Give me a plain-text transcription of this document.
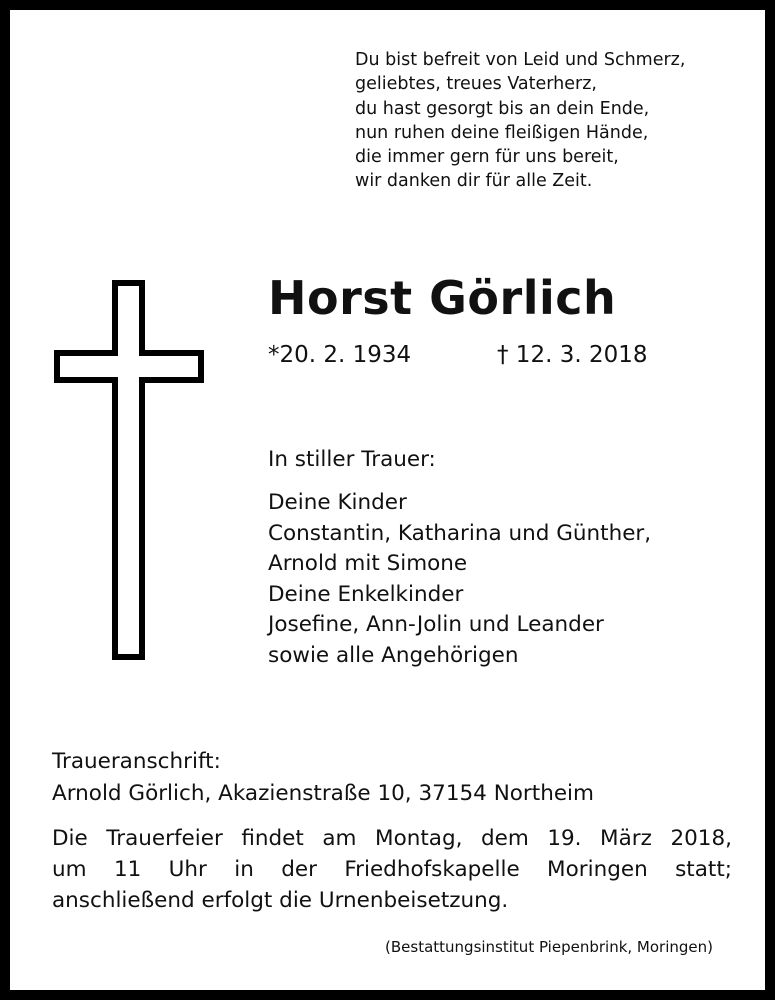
Du bist befreit von Leid und Schmerz,
geliebtes, treues Vaterherz,
du hast gesorgt bis an dein Ende,
nun ruhen deine fleißigen Hände,
die immer gern für uns bereit,
wir danken dir für alle Zeit.
Horst Görlich
*20. 2. 1934	† 12. 3. 2018
In stiller Trauer:
Deine Kinder
Constantin, Katharina und Günther,
Arnold mit Simone
Deine Enkelkinder
Josefine, Ann-Jolin und Leander
sowie alle Angehörigen
Traueranschrift:
Arnold Görlich, Akazienstraße 10, 37154 Northeim
Die Trauerfeier findet am Montag, dem 19. März 2018,
um 11 Uhr in der Friedhofskapelle Moringen statt;
anschließend erfolgt die Urnenbeisetzung.
(Bestattungsinstitut Piepenbrink, Moringen)
